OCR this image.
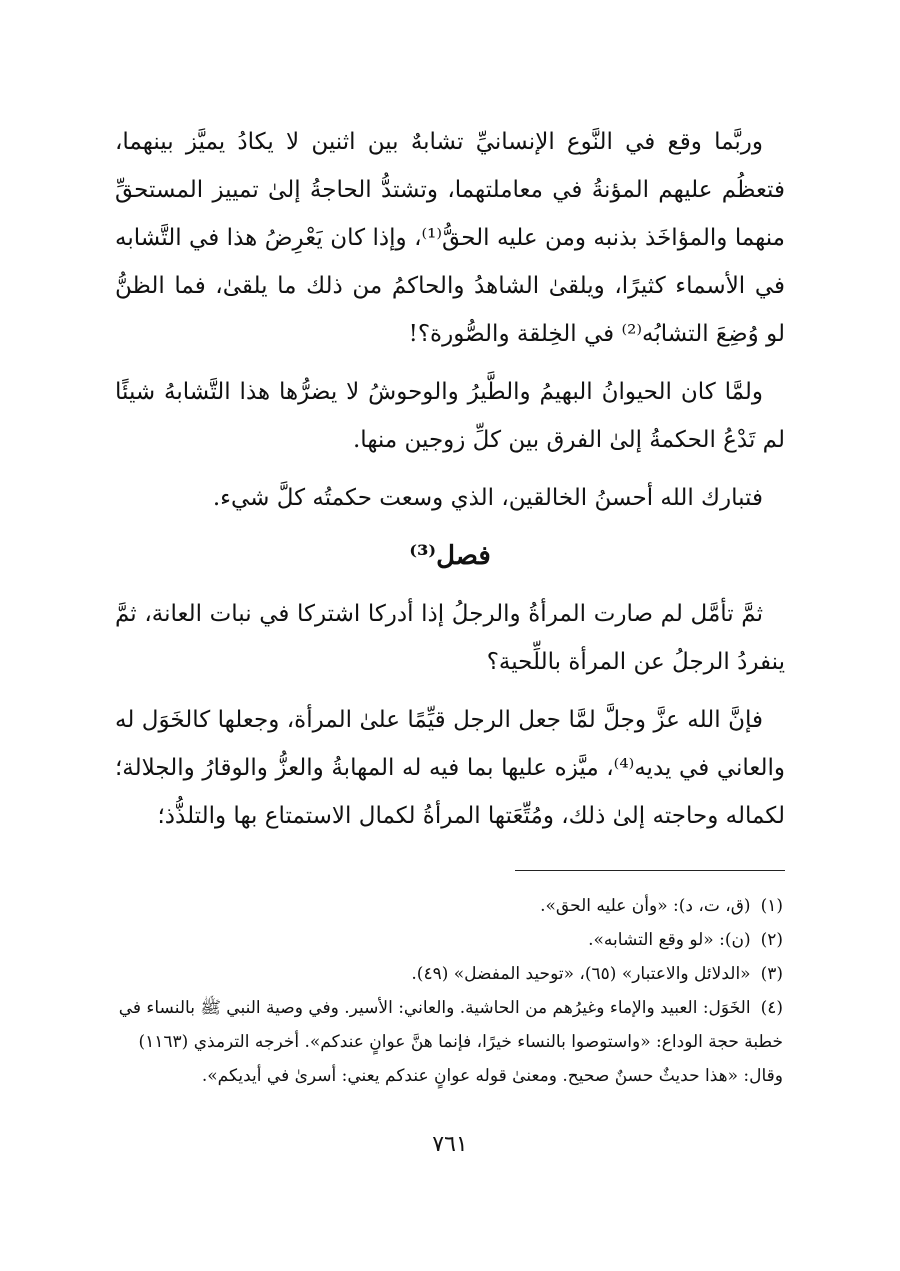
وربَّما وقع في النَّوع الإنسانيِّ تشابهٌ بين اثنين لا يكادُ يميَّز بينهما، فتعظُم عليهم المؤنةُ في معاملتهما، وتشتدُّ الحاجةُ إلىٰ تمييز المستحقِّ منهما والمؤاخَذ بذنبه ومن عليه الحقُّ⁽¹⁾، وإذا كان يَعْرِضُ هذا في التَّشابه في الأسماء كثيرًا، ويلقىٰ الشاهدُ والحاكمُ من ذلك ما يلقىٰ، فما الظنُّ لو وُضِعَ التشابُه⁽²⁾ في الخِلقة والصُّورة؟!

ولمَّا كان الحيوانُ البهيمُ والطَّيرُ والوحوشُ لا يضرُّها هذا التَّشابهُ شيئًا لم تَدْعُ الحكمةُ إلىٰ الفرق بين كلِّ زوجين منها.

فتبارك الله أحسنُ الخالقين، الذي وسعت حكمتُه كلَّ شيء.

فصل⁽³⁾

ثمَّ تأمَّل لم صارت المرأةُ والرجلُ إذا أدركا اشتركا في نبات العانة، ثمَّ ينفردُ الرجلُ عن المرأة باللِّحية؟

فإنَّ الله عزَّ وجلَّ لمَّا جعل الرجل قيِّمًا علىٰ المرأة، وجعلها كالخَوَل له والعاني في يديه⁽⁴⁾، ميَّزه عليها بما فيه له المهابةُ والعزُّ والوقارُ والجلالة؛ لكماله وحاجته إلىٰ ذلك، ومُتِّعَتها المرأةُ لكمال الاستمتاع بها والتلذُّذ؛

(١)(ق، ت، د): «وأن عليه الحق».

(٢)(ن): «لو وقع التشابه».

(٣)«الدلائل والاعتبار» (٦٥)، «توحيد المفضل» (٤٩).

(٤)الخَوَل: العبيد والإماء وغيرُهم من الحاشية. والعاني: الأسير. وفي وصية النبي ﷺ بالنساء في خطبة حجة الوداع: «واستوصوا بالنساء خيرًا، فإنما هنَّ عوانٍ عندكم». أخرجه الترمذي (١١٦٣) وقال: «هذا حديثٌ حسنٌ صحيح. ومعنىٰ قوله عوانٍ عندكم يعني: أسرىٰ في أيديكم».

٧٦١
